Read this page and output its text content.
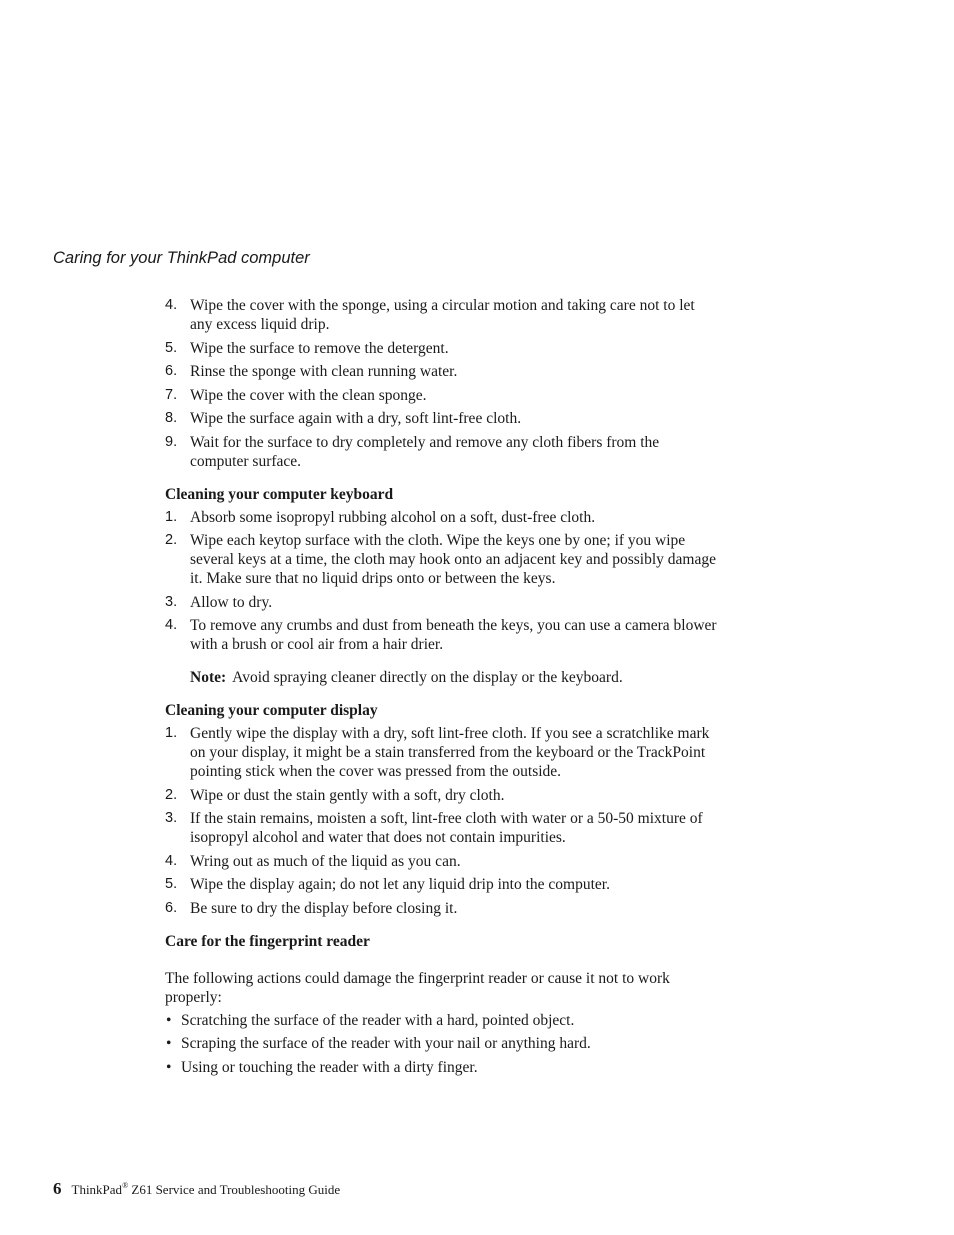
Caring for your ThinkPad computer
4. Wipe the cover with the sponge, using a circular motion and taking care not to let any excess liquid drip.
5. Wipe the surface to remove the detergent.
6. Rinse the sponge with clean running water.
7. Wipe the cover with the clean sponge.
8. Wipe the surface again with a dry, soft lint-free cloth.
9. Wait for the surface to dry completely and remove any cloth fibers from the computer surface.
Cleaning your computer keyboard
1. Absorb some isopropyl rubbing alcohol on a soft, dust-free cloth.
2. Wipe each keytop surface with the cloth. Wipe the keys one by one; if you wipe several keys at a time, the cloth may hook onto an adjacent key and possibly damage it. Make sure that no liquid drips onto or between the keys.
3. Allow to dry.
4. To remove any crumbs and dust from beneath the keys, you can use a camera blower with a brush or cool air from a hair drier.
Note: Avoid spraying cleaner directly on the display or the keyboard.
Cleaning your computer display
1. Gently wipe the display with a dry, soft lint-free cloth. If you see a scratchlike mark on your display, it might be a stain transferred from the keyboard or the TrackPoint pointing stick when the cover was pressed from the outside.
2. Wipe or dust the stain gently with a soft, dry cloth.
3. If the stain remains, moisten a soft, lint-free cloth with water or a 50-50 mixture of isopropyl alcohol and water that does not contain impurities.
4. Wring out as much of the liquid as you can.
5. Wipe the display again; do not let any liquid drip into the computer.
6. Be sure to dry the display before closing it.
Care for the fingerprint reader

The following actions could damage the fingerprint reader or cause it not to work properly:

• Scratching the surface of the reader with a hard, pointed object.
• Scraping the surface of the reader with your nail or anything hard.
• Using or touching the reader with a dirty finger.
6 ThinkPad® Z61 Service and Troubleshooting Guide
